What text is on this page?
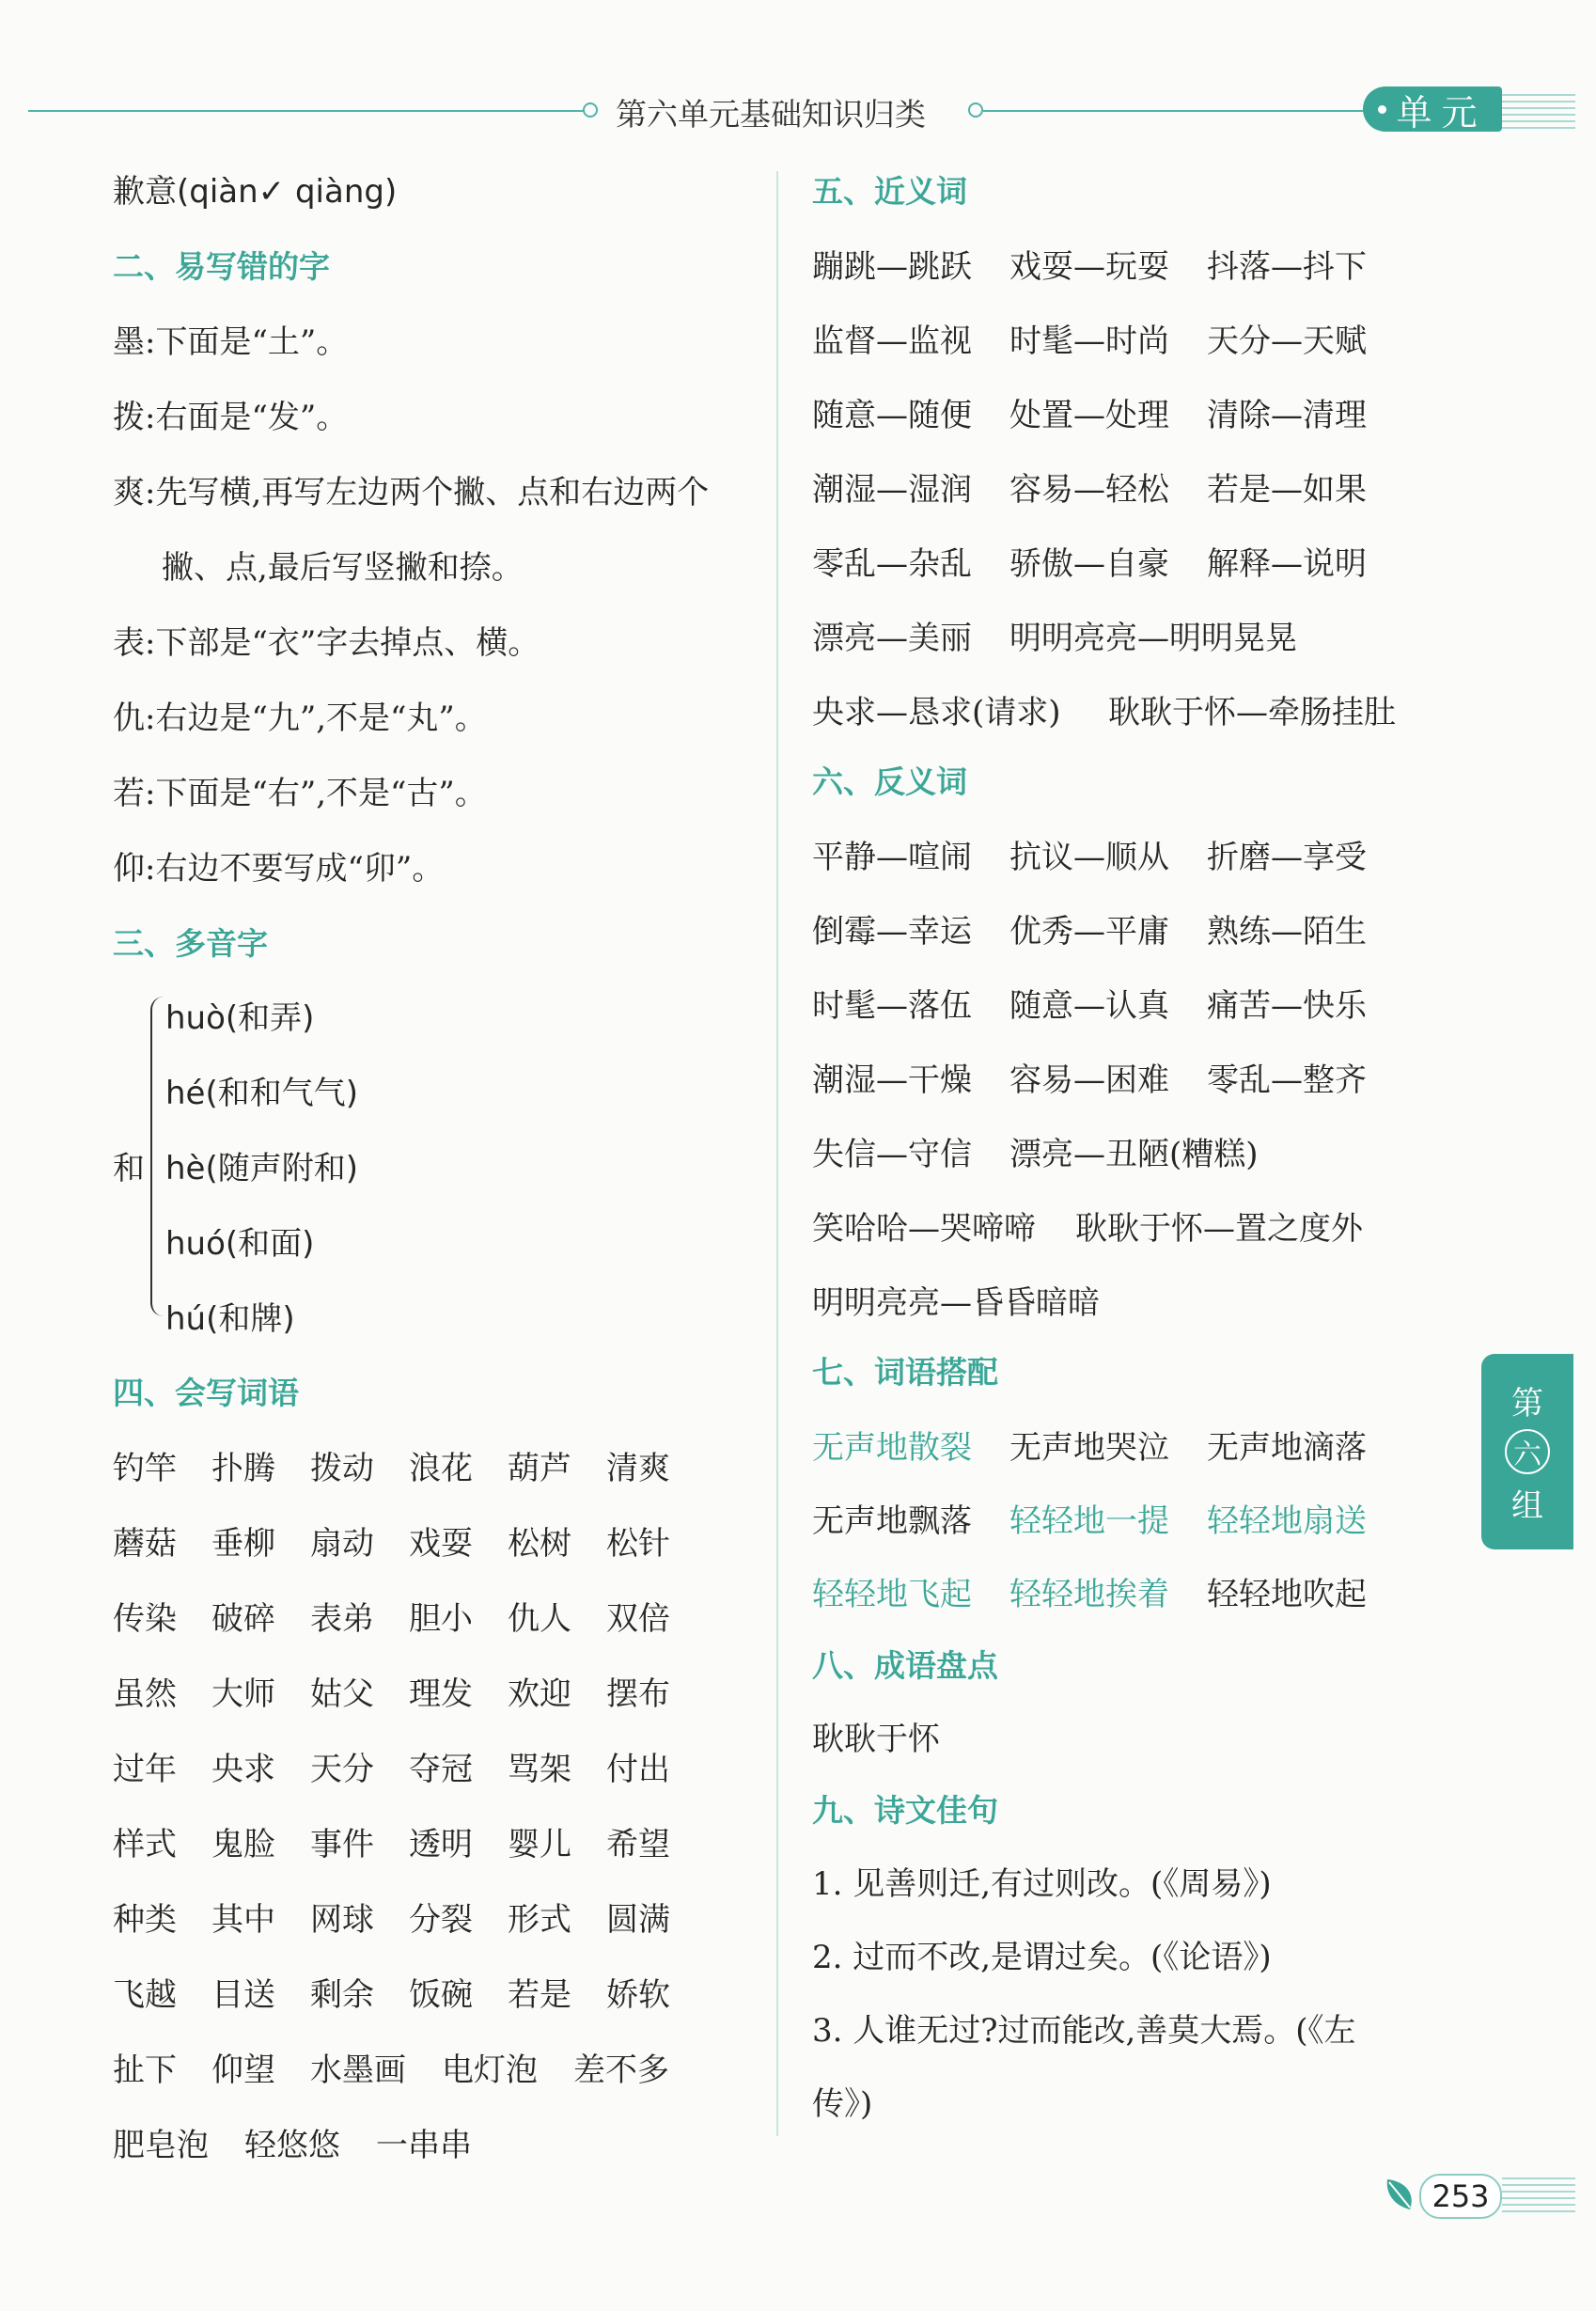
第六单元基础知识归类	单元
歉意(qiàn✓ qiàng)
二、易写错的字
墨:下面是“土”。
拨:右面是“发”。
爽:先写横,再写左边两个撇、点和右边两个
撇、点,最后写竖撇和捺。
表:下部是“衣”字去掉点、横。
仇:右边是“九”,不是“丸”。
若:下面是“右”,不是“古”。
仰:右边不要写成“卯”。
三、多音字
和
huò(和弄)
hé(和和气气)
hè(随声附和)
huó(和面)
hú(和牌)
四、会写词语
钓竿	扑腾	拨动	浪花	葫芦	清爽
蘑菇	垂柳	扇动	戏耍	松树	松针
传染	破碎	表弟	胆小	仇人	双倍
虽然	大师	姑父	理发	欢迎	摆布
过年	央求	天分	夺冠	骂架	付出
样式	鬼脸	事件	透明	婴儿	希望
种类	其中	网球	分裂	形式	圆满
飞越	目送	剩余	饭碗	若是	娇软
扯下	仰望	水墨画	电灯泡	差不多
肥皂泡	轻悠悠	一串串
五、近义词
蹦跳—跳跃	戏耍—玩耍	抖落—抖下
监督—监视	时髦—时尚	天分—天赋
随意—随便	处置—处理	清除—清理
潮湿—湿润	容易—轻松	若是—如果
零乱—杂乱	骄傲—自豪	解释—说明
漂亮—美丽	明明亮亮—明明晃晃
央求—恳求(请求)	耿耿于怀—牵肠挂肚
六、反义词
平静—喧闹	抗议—顺从	折磨—享受
倒霉—幸运	优秀—平庸	熟练—陌生
时髦—落伍	随意—认真	痛苦—快乐
潮湿—干燥	容易—困难	零乱—整齐
失信—守信	漂亮—丑陋(糟糕)
笑哈哈—哭啼啼	耿耿于怀—置之度外
明明亮亮—昏昏暗暗
七、词语搭配
无声地散裂	无声地哭泣	无声地滴落
无声地飘落	轻轻地一提	轻轻地扇送
轻轻地飞起	轻轻地挨着	轻轻地吹起
八、成语盘点
耿耿于怀
九、诗文佳句
1. 见善则迁,有过则改。(《周易》)
2. 过而不改,是谓过矣。(《论语》)
3. 人谁无过?过而能改,善莫大焉。(《左
传》)
第
六
组
253
